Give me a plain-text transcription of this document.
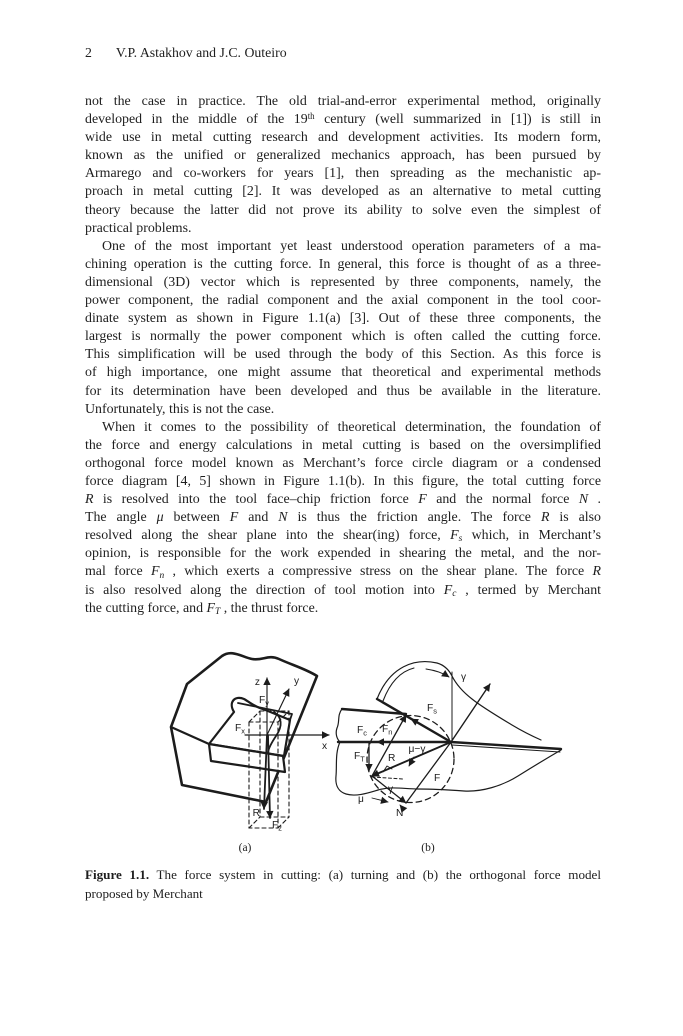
2 V.P. Astakhov and J.C. Outeiro
not the case in practice. The old trial-and-error experimental method, originally
developed in the middle of the 19th century (well summarized in [1]) is still in
wide use in metal cutting research and development activities. Its modern form,
known as the unified or generalized mechanics approach, has been pursued by
Armarego and co-workers for years [1], then spreading as the mechanistic ap-
proach in metal cutting [2]. It was developed as an alternative to metal cutting
theory because the latter did not prove its ability to solve even the simplest of
practical problems.
One of the most important yet least understood operation parameters of a ma-
chining operation is the cutting force. In general, this force is thought of as a three-
dimensional (3D) vector which is represented by three components, namely, the
power component, the radial component and the axial component in the tool coor-
dinate system as shown in Figure 1.1(a) [3]. Out of these three components, the
largest is normally the power component which is often called the cutting force.
This simplification will be used through the body of this Section. As this force is
of high importance, one might assume that theoretical and experimental methods
for its determination have been developed and thus be available in the literature.
Unfortunately, this is not the case.
When it comes to the possibility of theoretical determination, the foundation of
the force and energy calculations in metal cutting is based on the oversimplified
orthogonal force model known as Merchant’s force circle diagram or a condensed
force diagram [4, 5] shown in Figure 1.1(b). In this figure, the total cutting force
R is resolved into the tool face–chip friction force F and the normal force N .
The angle μ between F and N is thus the friction angle. The force R is also
resolved along the shear plane into the shear(ing) force, Fs which, in Merchant’s
opinion, is responsible for the work expended in shearing the metal, and the nor-
mal force Fn , which exerts a compressive stress on the shear plane. The force R
is also resolved along the direction of tool motion into Fc , termed by Merchant
the cutting force, and FT , the thrust force.
z	y
x
$F_y$
$F_x$
R
$F_z$
(a)
γ
$F_s$
$F_c$ $F_n$
$F_T$
μ−γ
R
F
γ
μ
N
(b)
Figure 1.1. The force system in cutting: (a) turning and (b) the orthogonal force model
proposed by Merchant
